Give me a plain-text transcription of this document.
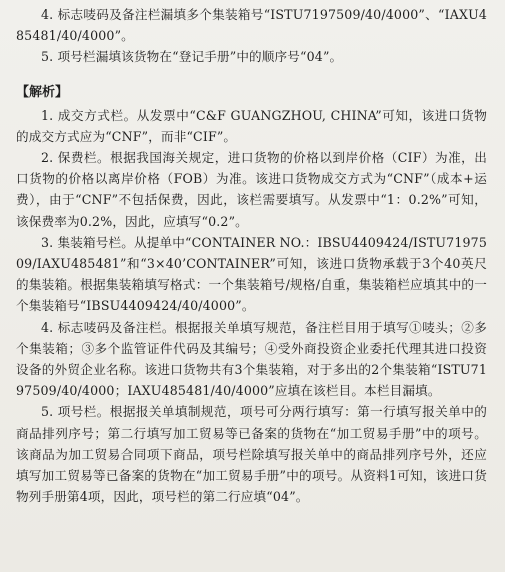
4. 标志唛码及备注栏漏填多个集装箱号“ISTU7197509/40/4000”、“IAXU485481/40/4000”。

5. 项号栏漏填该货物在“登记手册”中的顺序号“04”。

【解析】

1. 成交方式栏。从发票中“C&F GUANGZHOU, CHINA”可知，该进口货物的成交方式应为“CNF”，而非“CIF”。

2. 保费栏。根据我国海关规定，进口货物的价格以到岸价格（CIF）为准，出口货物的价格以离岸价格（FOB）为准。该进口货物成交方式为“CNF”（成本+运费），由于“CNF”不包括保费，因此，该栏需要填写。从发票中“1：0.2%”可知，该保费率为0.2%，因此，应填写“0.2”。

3. 集装箱号栏。从提单中“CONTAINER NO.：IBSU4409424/ISTU7197509/IAXU485481”和“3×40’CONTAINER”可知，该进口货物承载于3个40英尺的集装箱。根据集装箱填写格式：一个集装箱号/规格/自重，集装箱栏应填其中的一个集装箱号“IBSU4409424/40/4000”。

4. 标志唛码及备注栏。根据报关单填写规范，备注栏目用于填写①唛头；②多个集装箱；③多个监管证件代码及其编号；④受外商投资企业委托代理其进口投资设备的外贸企业名称。该进口货物共有3个集装箱，对于多出的2个集装箱“ISTU7197509/40/4000；IAXU485481/40/4000”应填在该栏目。本栏目漏填。

5. 项号栏。根据报关单填制规范，项号可分两行填写：第一行填写报关单中的商品排列序号；第二行填写加工贸易等已备案的货物在“加工贸易手册”中的项号。该商品为加工贸易合同项下商品，项号栏除填写报关单中的商品排列序号外，还应填写加工贸易等已备案的货物在“加工贸易手册”中的项号。从资料1可知，该进口货物列手册第4项，因此，项号栏的第二行应填“04”。
